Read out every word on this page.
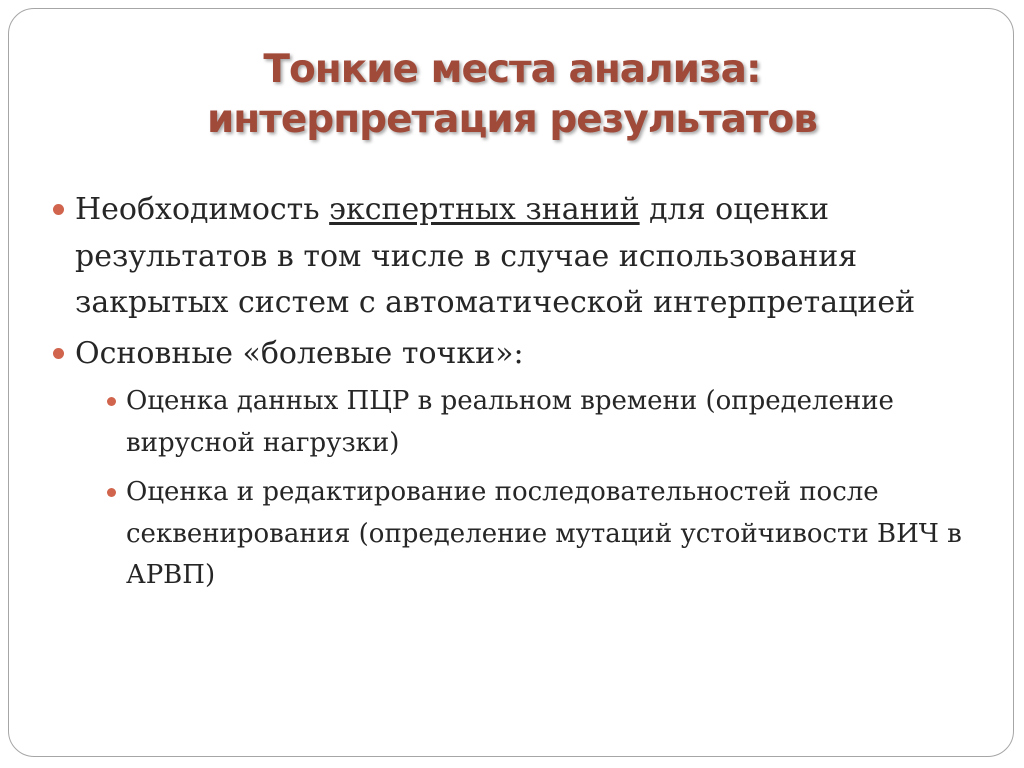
Тонкие места анализа:
интерпретация результатов
Необходимость экспертных знаний для оценки результатов в том числе в случае использования закрытых систем с автоматической интерпретацией
Основные «болевые точки»:
Оценка данных ПЦР в реальном времени (определение вирусной нагрузки)
Оценка и редактирование последовательностей после секвенирования (определение мутаций устойчивости ВИЧ в АРВП)
